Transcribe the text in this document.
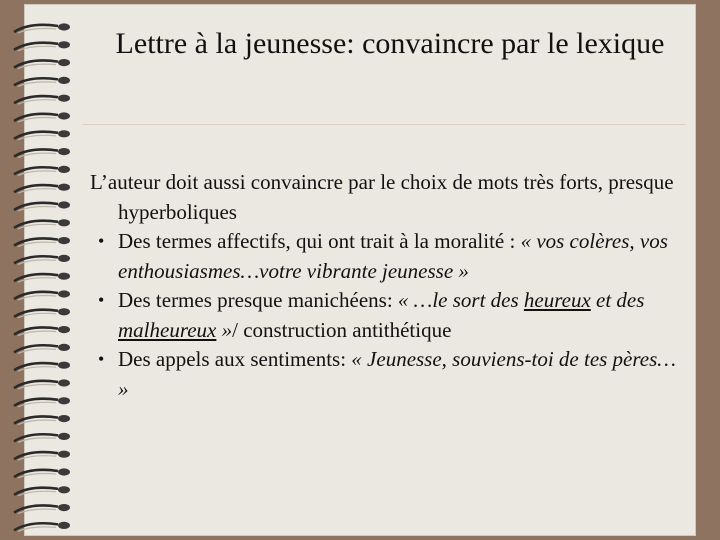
Lettre à la jeunesse: convaincre par le lexique

L’auteur doit aussi convaincre par le choix de mots très forts, presque hyperboliques

• Des termes affectifs, qui ont trait à la moralité : « vos colères, vos enthousiasmes…votre vibrante jeunesse »
• Des termes presque manichéens: « …le sort des heureux et des malheureux »/ construction antithétique
• Des appels aux sentiments: « Jeunesse, souviens-toi de tes pères… »
